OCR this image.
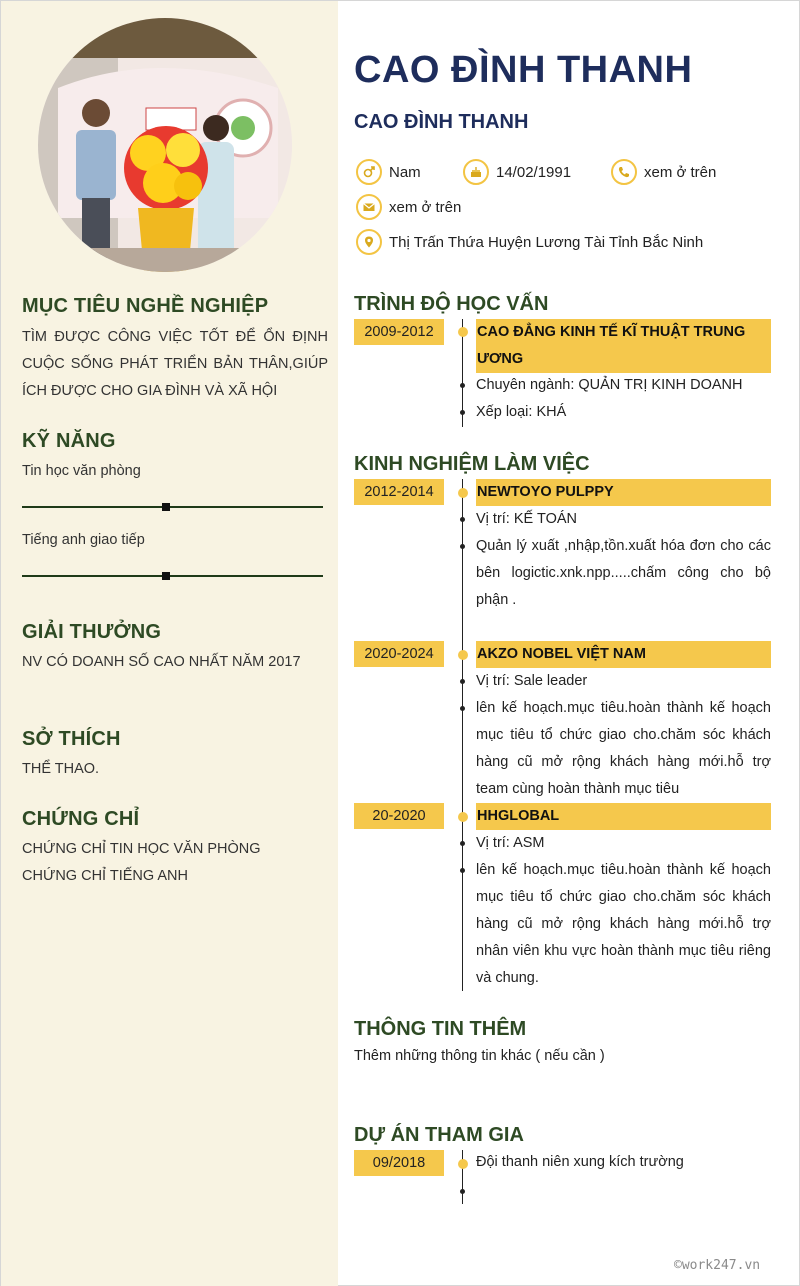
MỤC TIÊU NGHỀ NGHIỆP
TÌM ĐƯỢC CÔNG VIỆC TỐT ĐỂ ỔN ĐỊNH CUỘC SỐNG PHÁT TRIỂN BẢN THÂN,GIÚP ÍCH ĐƯỢC CHO GIA ĐÌNH VÀ XÃ HỘI
KỸ NĂNG
Tin học văn phòng
Tiếng anh giao tiếp
GIẢI THƯỞNG
NV CÓ DOANH SỐ CAO NHẤT NĂM 2017
SỞ THÍCH
THỂ THAO.
CHỨNG CHỈ
CHỨNG CHỈ TIN HỌC VĂN PHÒNG
CHỨNG CHỈ TIẾNG ANH
CAO ĐÌNH THANH
CAO ĐÌNH THANH
Nam	14/02/1991	xem ở trên
xem ở trên
Thị Trấn Thứa Huyện Lương Tài Tỉnh Bắc Ninh
TRÌNH ĐỘ HỌC VẤN
2009-2012	CAO ĐẲNG KINH TẾ KĨ THUẬT TRUNG ƯƠNG
Chuyên ngành: QUẢN TRỊ KINH DOANH
Xếp loại: KHÁ
KINH NGHIỆM LÀM VIỆC
2012-2014	NEWTOYO PULPPY
Vị trí: KẾ TOÁN
Quản lý xuất ,nhập,tồn.xuất hóa đơn cho các bên logictic.xnk.npp.....chấm công cho bộ phận .
2020-2024	AKZO NOBEL VIỆT NAM
Vị trí: Sale leader
lên kế hoạch.mục tiêu.hoàn thành kế hoạch mục tiêu tổ chức giao cho.chăm sóc khách hàng cũ mở rộng khách hàng mới.hỗ trợ team cùng hoàn thành mục tiêu
20-2020	HHGLOBAL
Vị trí: ASM
lên kế hoạch.mục tiêu.hoàn thành kế hoạch mục tiêu tổ chức giao cho.chăm sóc khách hàng cũ mở rộng khách hàng mới.hỗ trợ nhân viên khu vực hoàn thành mục tiêu riêng và chung.
THÔNG TIN THÊM
Thêm những thông tin khác ( nếu cần )
DỰ ÁN THAM GIA
09/2018	Đội thanh niên xung kích trường
©work247.vn
